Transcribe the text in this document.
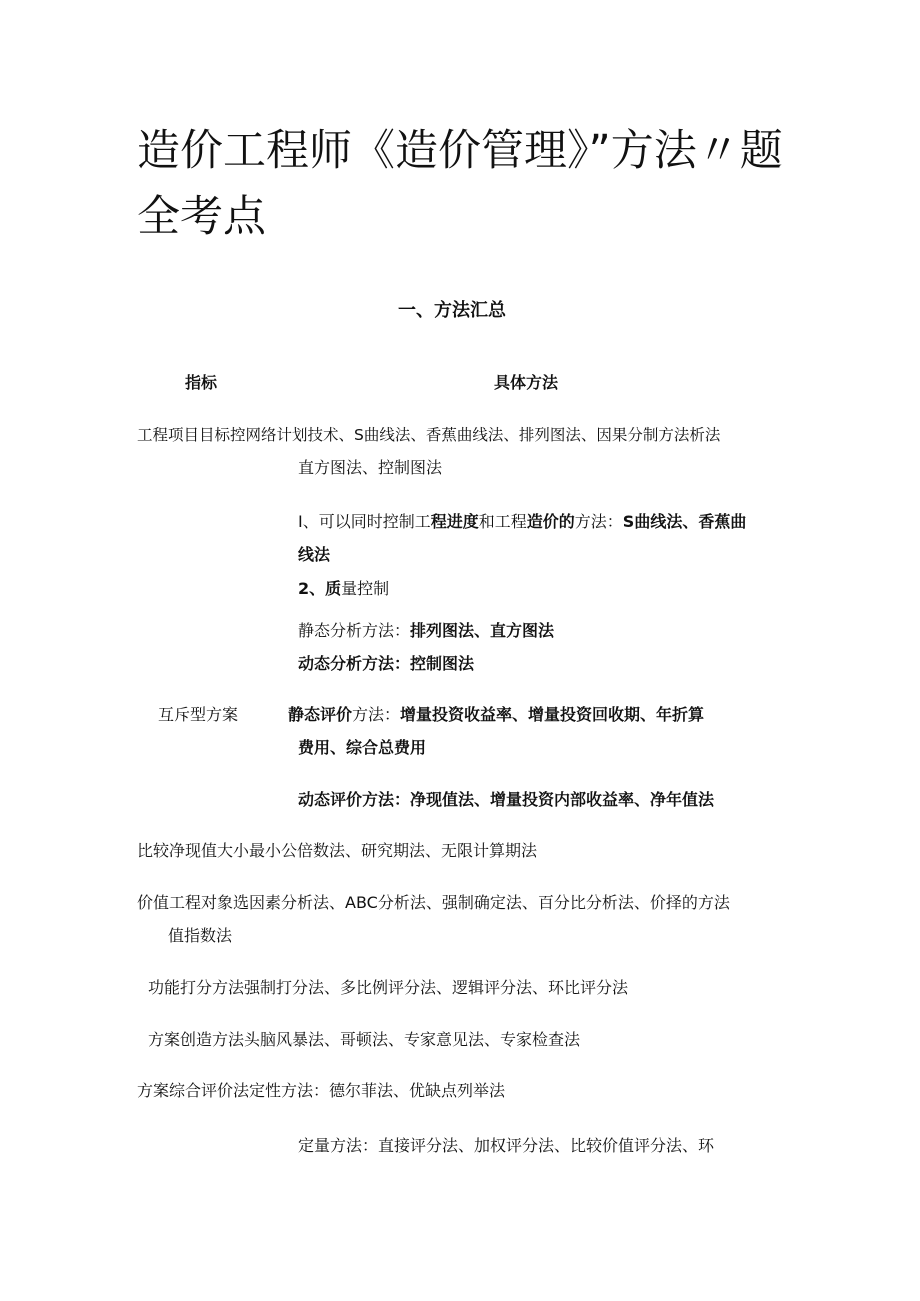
造价工程师《造价管理》”方法〃题全考点
一、方法汇总
指标	具体方法
工程项目目标控网络计划技术、S曲线法、香蕉曲线法、排列图法、因果分制方法析法
直方图法、控制图法
I、可以同时控制工程进度和工程造价的方法：S曲线法、香蕉曲
线法
2、质量控制
静态分析方法：排列图法、直方图法
动态分析方法：控制图法
互斥型方案	静态评价方法：增量投资收益率、增量投资回收期、年折算
费用、综合总费用
动态评价方法：净现值法、增量投资内部收益率、净年值法
比较净现值大小最小公倍数法、研究期法、无限计算期法
价值工程对象选因素分析法、ABC分析法、强制确定法、百分比分析法、价择的方法
值指数法
功能打分方法强制打分法、多比例评分法、逻辑评分法、环比评分法
方案创造方法头脑风暴法、哥顿法、专家意见法、专家检查法
方案综合评价法定性方法：德尔菲法、优缺点列举法
定量方法：直接评分法、加权评分法、比较价值评分法、环
